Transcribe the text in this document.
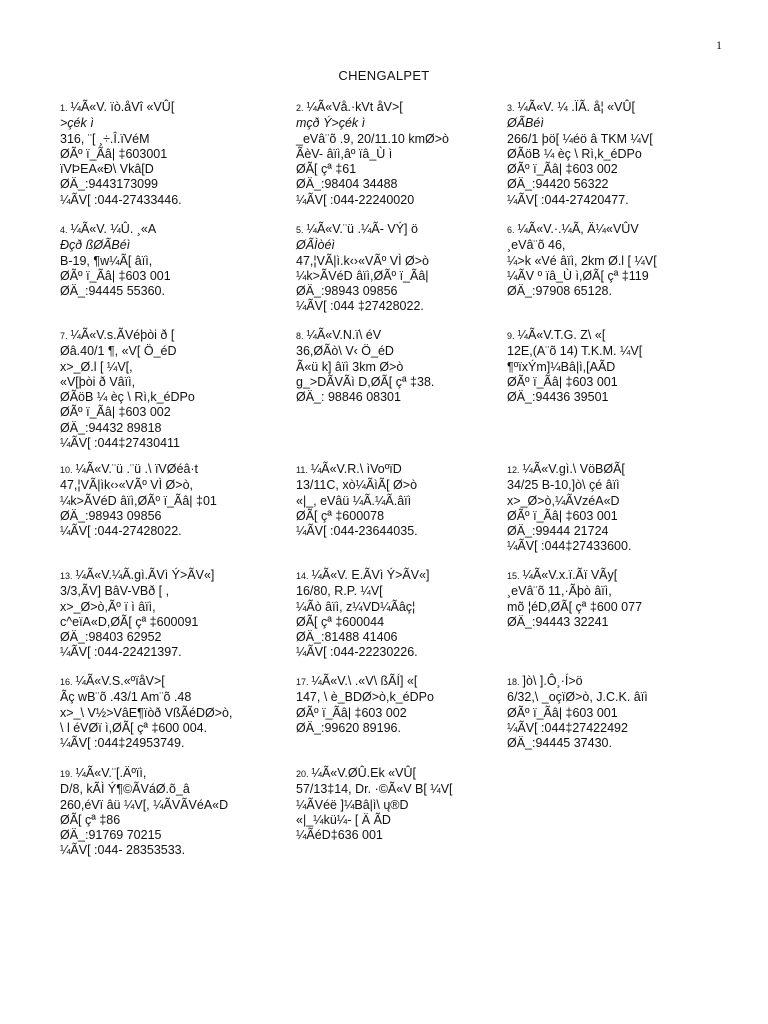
1
CHENGALPET
1. ¼Ã«V. ïò.åVî «VÛ[
>çék ì
316, ¨[ ¸÷.Î.ïVéM
ØÃº ï_Ãâ| ‡603001
ïVÞEA«Ð\ Vkâ[D
ØÄ_:9443173099
¼ÃV[ :044-27433446.
2. ¼Ã«Vå.·kVt åV>[
mçð Ý>çék ì
_eVâ¨õ .9, 20/11.10 kmØ>ò
ÃèV- âïì,âº ïâ_Ù ì
ØÃ[ çª ‡61
ØÄ_:98404 34488
¼ÃV[ :044-22240020
3. ¼Ã«V. ¼ .ÏÃ. å¦ «VÛ[
ØÃBéì
266/1 þö[ ¼éö â TKM ¼V[
ØÃöB ¼ èç \ Rì,k_éDPo
ØÃº ï_Ãâ| ‡603 002
ØÄ_:94420 56322
¼ÃV[ :044-27420477.
4. ¼Ã«V. ¼Û. ¸«A
Ðçð ßØÃBéì
B-19, ¶w¼Ã[ âïì,
ØÃº ï_Ãâ| ‡603 001
ØÄ_:94445 55360.
5. ¼Ã«V.¨ü .¼Ã- VÝ] ö
ØÃÌòéì
47,¦VÃ|ì.k‹›«VÃº VÌ Ø>ò
¼k>ÃVéD âïì,ØÃº ï_Ãâ|
ØÄ_:98943 09856
¼ÃV[ :044 ‡27428022.
6. ¼Ã«V.·.¼Ã, Ä¼«VÛV
¸eVâ¨õ 46,
¼>k «Vé âïì, 2km Ø.l [ ¼V[
¼ÃV º ïâ_Ù ì,ØÃ[ çª ‡119
ØÄ_:97908 65128.
7. ¼Ã«V.s.ÃVéþòi ð [
Øâ.40/1 ¶, «V[ Ö_éD
x>_Ø.l [ ¼V[,
«V[þòi ð Vâïì,
ØÃöB ¼ èç \ Rì,k_éDPo
ØÃº ï_Ãâ| ‡603 002
ØÄ_:94432 89818
¼ÃV[ :044‡27430411
8. ¼Ã«V.N.ï\ éV
36,ØÃò\ V‹ Ö_éD
Ã«ü k] âïì 3km Ø>ò
g_>DÃVÃì D,ØÃ[ çª ‡38.
ØÄ_: 98846 08301
9. ¼Ã«V.T.G. Z\ «[
12E,(A¨õ 14) T.K.M. ¼V[
¶ºïxÝm]¼Bâ|ì,[AÃD
ØÃº ï_Ãâ| ‡603 001
ØÄ_:94436 39501
10. ¼Ã«V.¨ü .¨ü .\ ïVØéâ·t
47,¦VÃ|ìk‹›«VÃº VÌ Ø>ò,
¼k>ÃVéD âïì,ØÃº ï_Ãâ| ‡01
ØÄ_:98943 09856
¼ÃV[ :044-27428022.
11. ¼Ã«V.R.\ ìVoºïD
13/11C, xò¼ÃìÃ[ Ø>ò
«|_, eVâü ¼Ã.¼Ã.âïì
ØÃ[ çª ‡600078
¼ÃV[ :044-23644035.
12. ¼Ã«V.gì.\ VöBØÃ[
34/25 B-10,]ò\ çé âïì
x>_Ø>ò,¼ÃVzéA«D
ØÃº ï_Ãâ| ‡603 001
ØÄ_:99444 21724
¼ÃV[ :044‡27433600.
13. ¼Ã«V.¼Ã.gì.ÃVì Ý>ÃV«]
3/3,ÃV] BâV-VBð [ ,
x>_Ø>ò,Ãº ï ì âïì,
c^eïA«D,ØÃ[ çª ‡600091
ØÄ_:98403 62952
¼ÃV[ :044-22421397.
14. ¼Ã«V. E.ÃVì Ý>ÃV«]
16/80, R.P. ¼V[
¼Ãò âïì, z¼VD¼Ãâç¦
ØÃ[ çª ‡600044
ØÄ_:81488 41406
¼ÃV[ :044-22230226.
15. ¼Ã«V.x.ï.Ãï VÃy[
¸eVâ¨õ 11,·Ãþò âïì,
mõ ¦éD,ØÃ[ çª ‡600 077
ØÄ_:94443 32241
16. ¼Ã«V.S.«ºïåV>[
Ãç wB¨õ .43/1 Am¨õ .48
x>_\ V½>VâE¶ïòð VßÃéDØ>ò,
\ l éVØï ì,ØÃ[ çª ‡600 004.
¼ÃV[ :044‡24953749.
17. ¼Ã«V.\ .«V\ ßÃÍ] «[
147, \ è_BDØ>ò,k_éDPo
ØÃº ï_Ãâ| ‡603 002
ØÄ_:99620 89196.
18. ]ò\ ].Ô¸·Í>ö
6/32,\ _oçïØ>ò, J.C.K. âïì
ØÃº ï_Ãâ| ‡603 001
¼ÃV[ :044‡27422492
ØÄ_:94445 37430.
19. ¼Ã«V.¨[.Äºïì,
D/8, kÃÌ Ý¶©ÃVáØ.õ_â
260,éVï âü ¼V[, ¼ÃVÃVéA«D
ØÃ[ çª ‡86
ØÄ_:91769 70215
¼ÃV[ :044- 28353533.
20. ¼Ã«V.ØÛ.Ek «VÛ[
57/13‡14, Dr. ·©Ã«V B[ ¼V[
¼ÃVéë ]¼Bâ|ì\ ų®D
«|_¼kü¼- [ Ä ÃD
¼ÃéD‡636 001
